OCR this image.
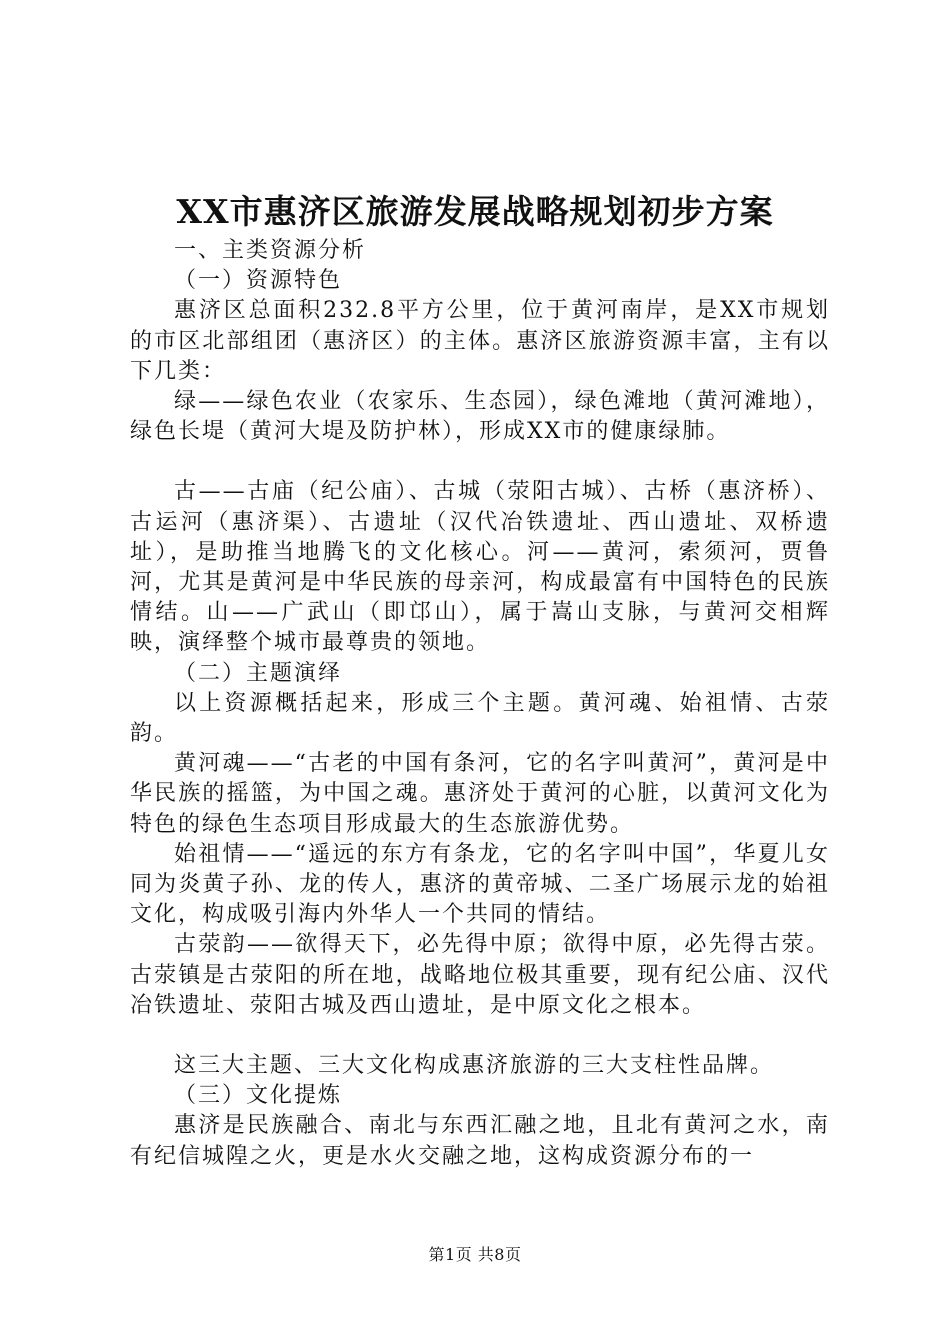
XX市惠济区旅游发展战略规划初步方案

一、主类资源分析

（一）资源特色

惠济区总面积232.8平方公里，位于黄河南岸，是XX市规划的市区北部组团（惠济区）的主体。惠济区旅游资源丰富，主有以下几类：

绿——绿色农业（农家乐、生态园），绿色滩地（黄河滩地），绿色长堤（黄河大堤及防护林），形成XX市的健康绿肺。

古——古庙（纪公庙）、古城（荥阳古城）、古桥（惠济桥）、古运河（惠济渠）、古遗址（汉代冶铁遗址、西山遗址、双桥遗址），是助推当地腾飞的文化核心。河——黄河，索须河，贾鲁河，尤其是黄河是中华民族的母亲河，构成最富有中国特色的民族情结。山——广武山（即邙山），属于嵩山支脉，与黄河交相辉映，演绎整个城市最尊贵的领地。

（二）主题演绎

以上资源概括起来，形成三个主题。黄河魂、始祖情、古荥韵。

黄河魂——“古老的中国有条河，它的名字叫黄河”，黄河是中华民族的摇篮，为中国之魂。惠济处于黄河的心脏，以黄河文化为特色的绿色生态项目形成最大的生态旅游优势。

始祖情——“遥远的东方有条龙，它的名字叫中国”，华夏儿女同为炎黄子孙、龙的传人，惠济的黄帝城、二圣广场展示龙的始祖文化，构成吸引海内外华人一个共同的情结。

古荥韵——欲得天下，必先得中原；欲得中原，必先得古荥。古荥镇是古荥阳的所在地，战略地位极其重要，现有纪公庙、汉代冶铁遗址、荥阳古城及西山遗址，是中原文化之根本。

这三大主题、三大文化构成惠济旅游的三大支柱性品牌。

（三）文化提炼

惠济是民族融合、南北与东西汇融之地，且北有黄河之水，南有纪信城隍之火，更是水火交融之地，这构成资源分布的一

第1页 共8页
